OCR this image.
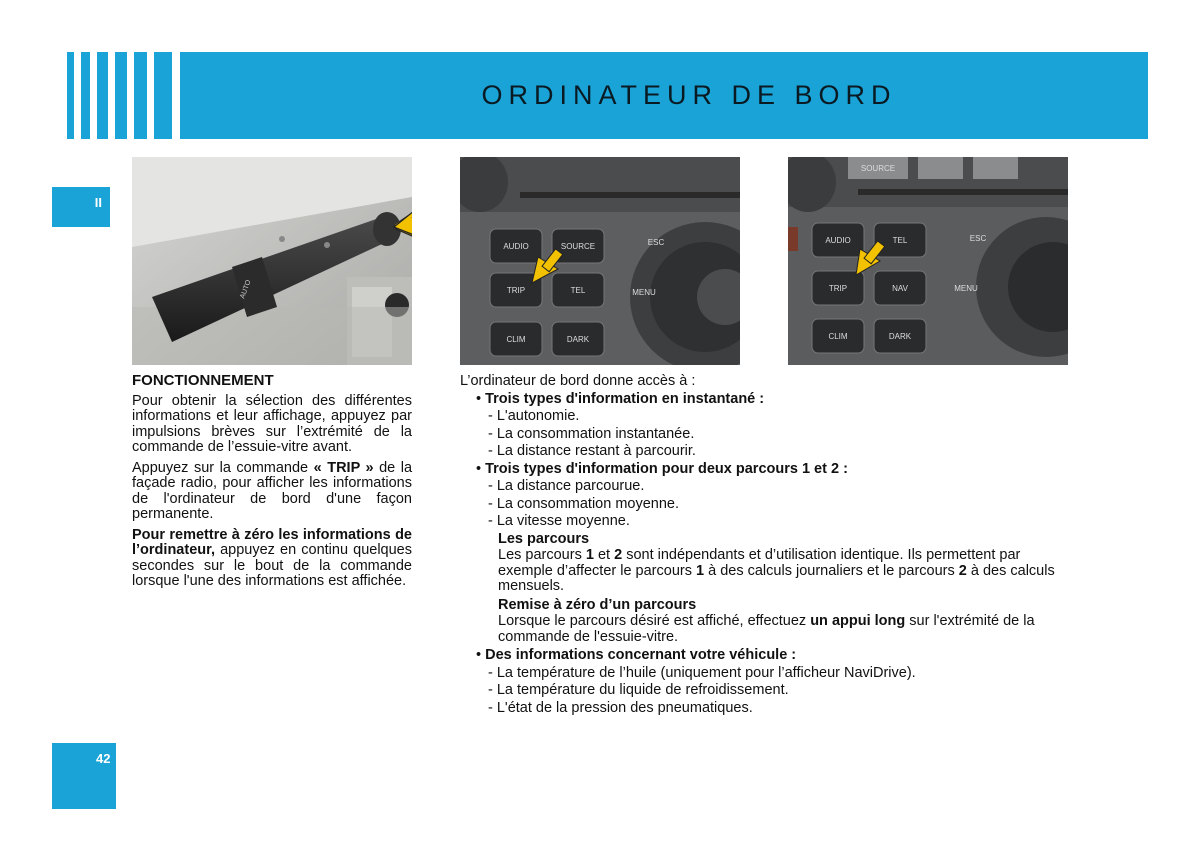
ORDINATEUR DE BORD
II
42
AUTO
AUDIO	SOURCE
TRIP	TEL
CLIM	DARK
ESC
MENU
SOURCE
AUDIO	TEL
TRIP	NAV
CLIM	DARK
ESC
MENU
FONCTIONNEMENT

Pour obtenir la sélection des différentes informations et leur affichage, appuyez par impulsions brèves sur l’extrémité de la commande de l’essuie-vitre avant.

Appuyez sur la commande « TRIP » de la façade radio, pour afficher les informations de l'ordinateur de bord d'une façon permanente.

Pour remettre à zéro les informations de l’ordinateur, appuyez en continu quelques secondes sur le bout de la commande lorsque l'une des informations est affichée.

L’ordinateur de bord donne accès à :
• Trois types d'information en instantané :
- L'autonomie.
- La consommation instantanée.
- La distance restant à parcourir.
• Trois types d'information pour deux parcours 1 et 2 :
- La distance parcourue.
- La consommation moyenne.
- La vitesse moyenne.
Les parcours
Les parcours 1 et 2 sont indépendants et d’utilisation identique. Ils permettent par exemple d’affecter le parcours 1 à des calculs journaliers et le parcours 2 à des calculs mensuels.
Remise à zéro d’un parcours
Lorsque le parcours désiré est affiché, effectuez un appui long sur l'extrémité de la commande de l'essuie-vitre.
• Des informations concernant votre véhicule :
- La température de l’huile (uniquement pour l’afficheur NaviDrive).
- La température du liquide de refroidissement.
- L'état de la pression des pneumatiques.
